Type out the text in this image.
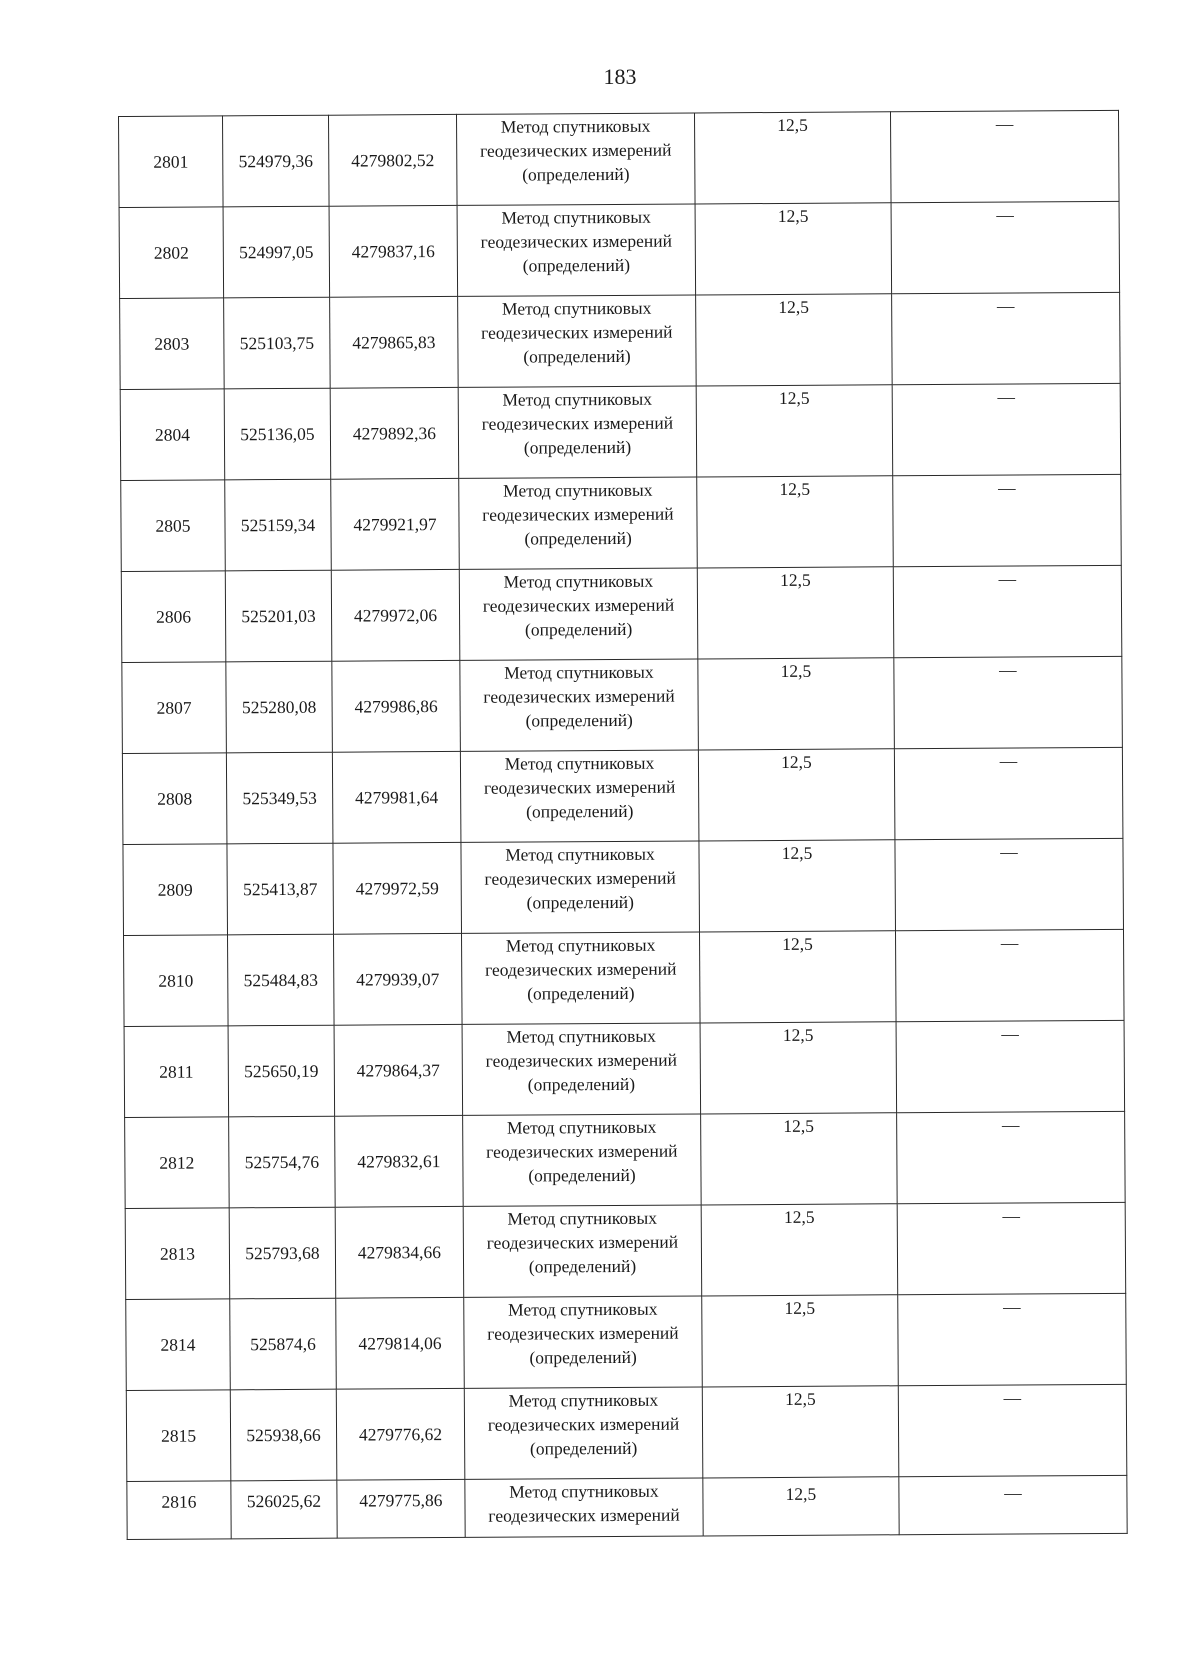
183
2801	524979,36	4279802,52	Метод спутниковых
геодезических измерений
(определений)	12,5	—
2802	524997,05	4279837,16	Метод спутниковых
геодезических измерений
(определений)	12,5	—
2803	525103,75	4279865,83	Метод спутниковых
геодезических измерений
(определений)	12,5	—
2804	525136,05	4279892,36	Метод спутниковых
геодезических измерений
(определений)	12,5	—
2805	525159,34	4279921,97	Метод спутниковых
геодезических измерений
(определений)	12,5	—
2806	525201,03	4279972,06	Метод спутниковых
геодезических измерений
(определений)	12,5	—
2807	525280,08	4279986,86	Метод спутниковых
геодезических измерений
(определений)	12,5	—
2808	525349,53	4279981,64	Метод спутниковых
геодезических измерений
(определений)	12,5	—
2809	525413,87	4279972,59	Метод спутниковых
геодезических измерений
(определений)	12,5	—
2810	525484,83	4279939,07	Метод спутниковых
геодезических измерений
(определений)	12,5	—
2811	525650,19	4279864,37	Метод спутниковых
геодезических измерений
(определений)	12,5	—
2812	525754,76	4279832,61	Метод спутниковых
геодезических измерений
(определений)	12,5	—
2813	525793,68	4279834,66	Метод спутниковых
геодезических измерений
(определений)	12,5	—
2814	525874,6	4279814,06	Метод спутниковых
геодезических измерений
(определений)	12,5	—
2815	525938,66	4279776,62	Метод спутниковых
геодезических измерений
(определений)	12,5	—
2816	526025,62	4279775,86	Метод спутниковых
геодезических измерений	12,5	—
